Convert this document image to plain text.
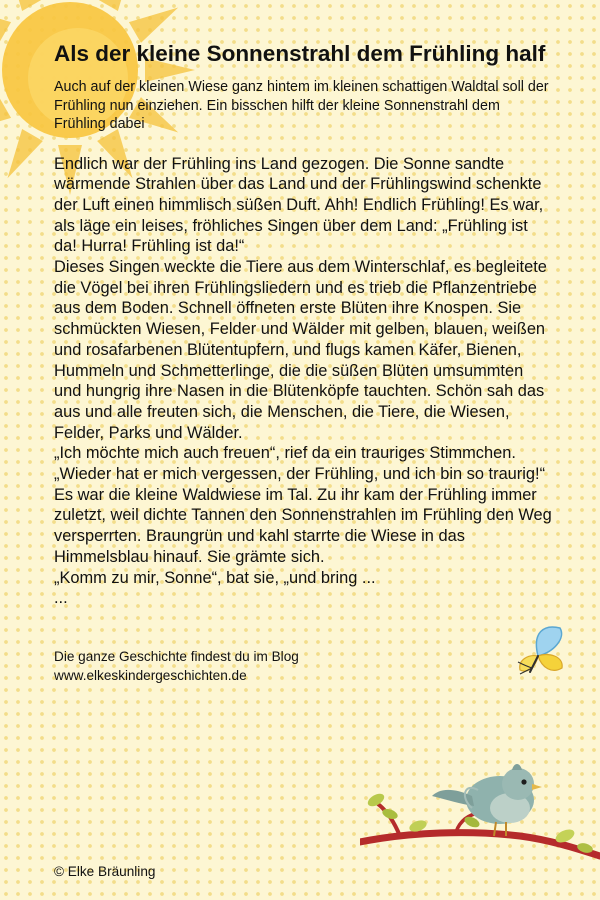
Als der kleine Sonnenstrahl dem Frühling half
Auch auf der kleinen Wiese ganz hintem im kleinen schattigen Waldtal soll der Frühling nun einziehen. Ein bisschen hilft der kleine Sonnenstrahl dem Frühling dabei

Endlich war der Frühling ins Land gezogen. Die Sonne sandte wärmende Strahlen über das Land und der Frühlingswind schenkte der Luft einen himmlisch süßen Duft. Ahh! Endlich Frühling! Es war, als läge ein leises, fröhliches Singen über dem Land: „Frühling ist da! Hurra! Frühling ist da!“

Dieses Singen weckte die Tiere aus dem Winterschlaf, es begleitete die Vögel bei ihren Frühlingsliedern und es trieb die Pflanzentriebe aus dem Boden. Schnell öffneten erste Blüten ihre Knospen. Sie schmückten Wiesen, Felder und Wälder mit gelben, blauen, weißen und rosafarbenen Blütentupfern, und flugs kamen Käfer, Bienen, Hummeln und Schmetterlinge, die die süßen Blüten umsummten und hungrig ihre Nasen in die Blütenköpfe tauchten. Schön sah das aus und alle freuten sich, die Menschen, die Tiere, die Wiesen, Felder, Parks und Wälder.

„Ich möchte mich auch freuen“, rief da ein trauriges Stimmchen. „Wieder hat er mich vergessen, der Frühling, und ich bin so traurig!“

Es war die kleine Waldwiese im Tal. Zu ihr kam der Frühling immer zuletzt, weil dichte Tannen den Sonnenstrahlen im Frühling den Weg versperrten. Braungrün und kahl starrte die Wiese in das Himmelsblau hinauf. Sie grämte sich.

„Komm zu mir, Sonne“, bat sie, „und bring ...

...

Die ganze Geschichte findest du im Blog
www.elkeskindergeschichten.de
© Elke Bräunling
